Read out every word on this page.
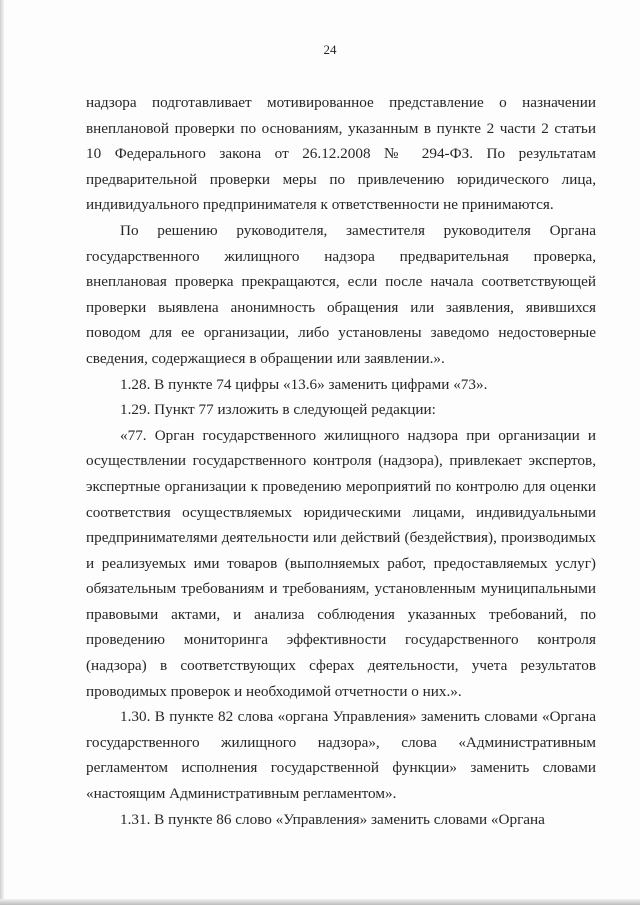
24

надзора подготавливает мотивированное представление о назначении внеплановой проверки по основаниям, указанным в пункте 2 части 2 статьи 10 Федерального закона от 26.12.2008 № 294-ФЗ. По результатам предварительной проверки меры по привлечению юридического лица, индивидуального предпринимателя к ответственности не принимаются.

По решению руководителя, заместителя руководителя Органа государственного жилищного надзора предварительная проверка, внеплановая проверка прекращаются, если после начала соответствующей проверки выявлена анонимность обращения или заявления, явившихся поводом для ее организации, либо установлены заведомо недостоверные сведения, содержащиеся в обращении или заявлении.».

1.28. В пункте 74 цифры «13.6» заменить цифрами «73».

1.29. Пункт 77 изложить в следующей редакции:

«77. Орган государственного жилищного надзора при организации и осуществлении государственного контроля (надзора), привлекает экспертов, экспертные организации к проведению мероприятий по контролю для оценки соответствия осуществляемых юридическими лицами, индивидуальными предпринимателями деятельности или действий (бездействия), производимых и реализуемых ими товаров (выполняемых работ, предоставляемых услуг) обязательным требованиям и требованиям, установленным муниципальными правовыми актами, и анализа соблюдения указанных требований, по проведению мониторинга эффективности государственного контроля (надзора) в соответствующих сферах деятельности, учета результатов проводимых проверок и необходимой отчетности о них.».

1.30. В пункте 82 слова «органа Управления» заменить словами «Органа государственного жилищного надзора», слова «Административным регламентом исполнения государственной функции» заменить словами «настоящим Административным регламентом».

1.31. В пункте 86 слово «Управления» заменить словами «Органа
